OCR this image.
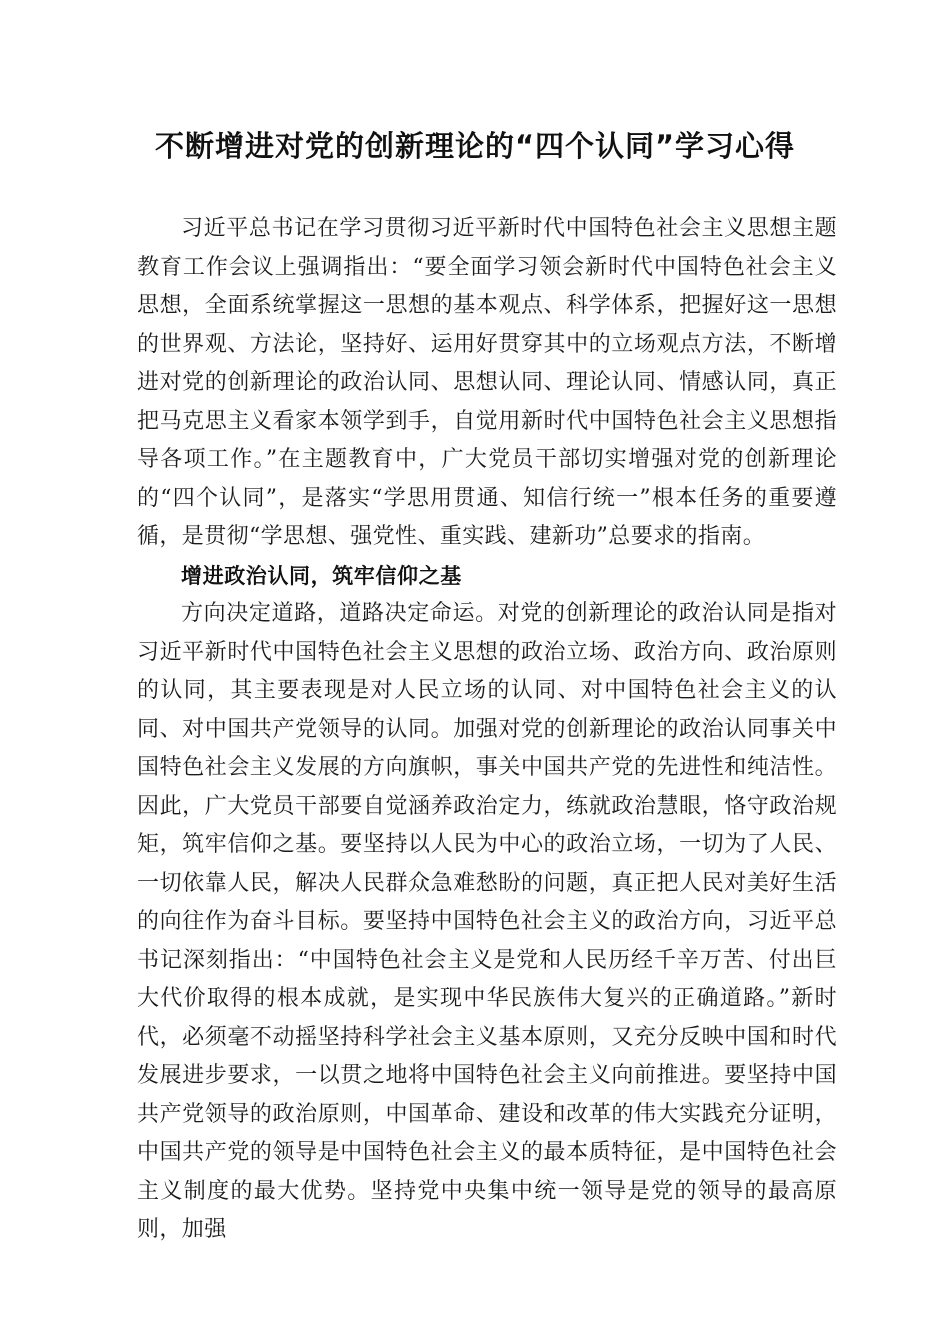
不断增进对党的创新理论的“四个认同”学习心得

习近平总书记在学习贯彻习近平新时代中国特色社会主义思想主题教育工作会议上强调指出：“要全面学习领会新时代中国特色社会主义思想，全面系统掌握这一思想的基本观点、科学体系，把握好这一思想的世界观、方法论，坚持好、运用好贯穿其中的立场观点方法，不断增进对党的创新理论的政治认同、思想认同、理论认同、情感认同，真正把马克思主义看家本领学到手，自觉用新时代中国特色社会主义思想指导各项工作。”在主题教育中，广大党员干部切实增强对党的创新理论的“四个认同”，是落实“学思用贯通、知信行统一”根本任务的重要遵循，是贯彻“学思想、强党性、重实践、建新功”总要求的指南。

增进政治认同，筑牢信仰之基

方向决定道路，道路决定命运。对党的创新理论的政治认同是指对习近平新时代中国特色社会主义思想的政治立场、政治方向、政治原则的认同，其主要表现是对人民立场的认同、对中国特色社会主义的认同、对中国共产党领导的认同。加强对党的创新理论的政治认同事关中国特色社会主义发展的方向旗帜，事关中国共产党的先进性和纯洁性。因此，广大党员干部要自觉涵养政治定力，练就政治慧眼，恪守政治规矩，筑牢信仰之基。要坚持以人民为中心的政治立场，一切为了人民、一切依靠人民，解决人民群众急难愁盼的问题，真正把人民对美好生活的向往作为奋斗目标。要坚持中国特色社会主义的政治方向，习近平总书记深刻指出：“中国特色社会主义是党和人民历经千辛万苦、付出巨大代价取得的根本成就，是实现中华民族伟大复兴的正确道路。”新时代，必须毫不动摇坚持科学社会主义基本原则，又充分反映中国和时代发展进步要求，一以贯之地将中国特色社会主义向前推进。要坚持中国共产党领导的政治原则，中国革命、建设和改革的伟大实践充分证明，中国共产党的领导是中国特色社会主义的最本质特征，是中国特色社会主义制度的最大优势。坚持党中央集中统一领导是党的领导的最高原则，加强
